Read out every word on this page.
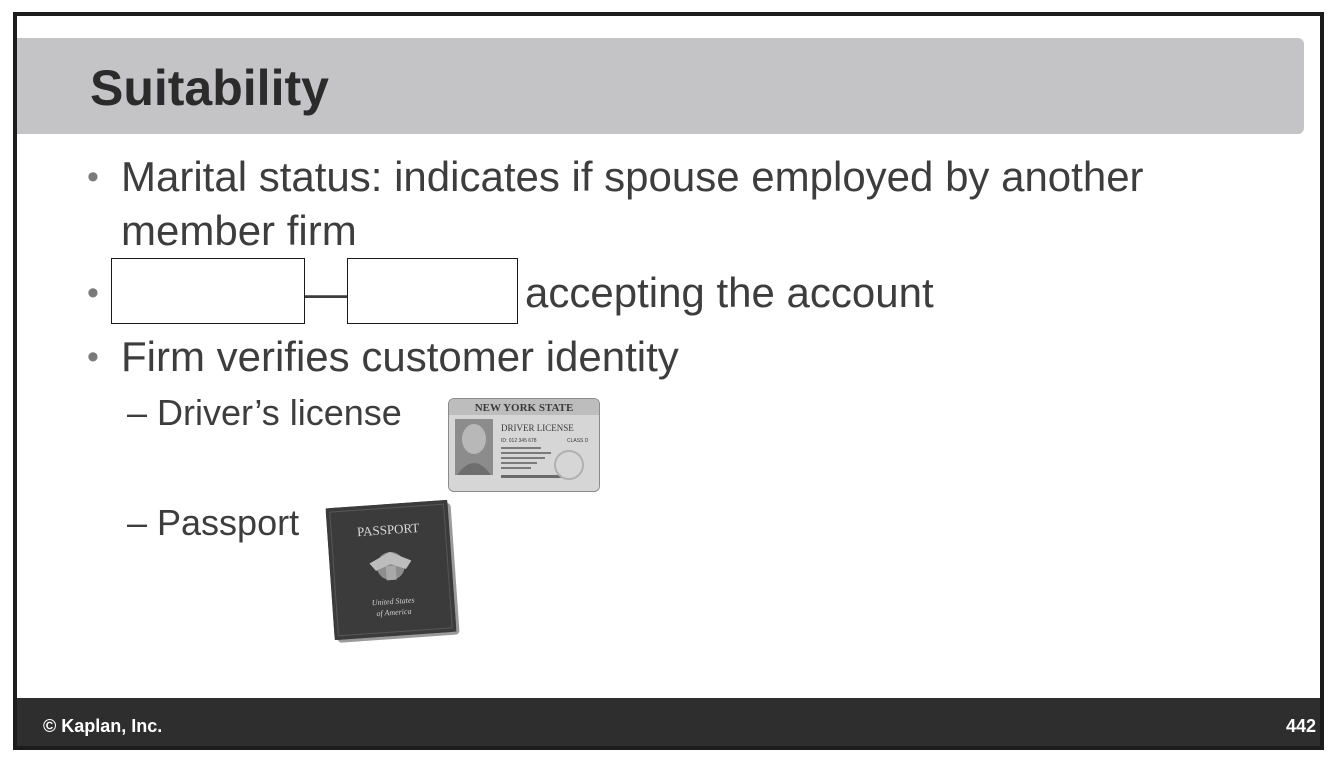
Suitability
• Marital status: indicates if spouse employed by another member firm
•	—	accepting the account
• Firm verifies customer identity
– Driver’s license
– Passport
NEW YORK STATE
DRIVER LICENSE
ID: 012 345 678	CLASS D
PASSPORT
United States
of America
© Kaplan, Inc.	442
